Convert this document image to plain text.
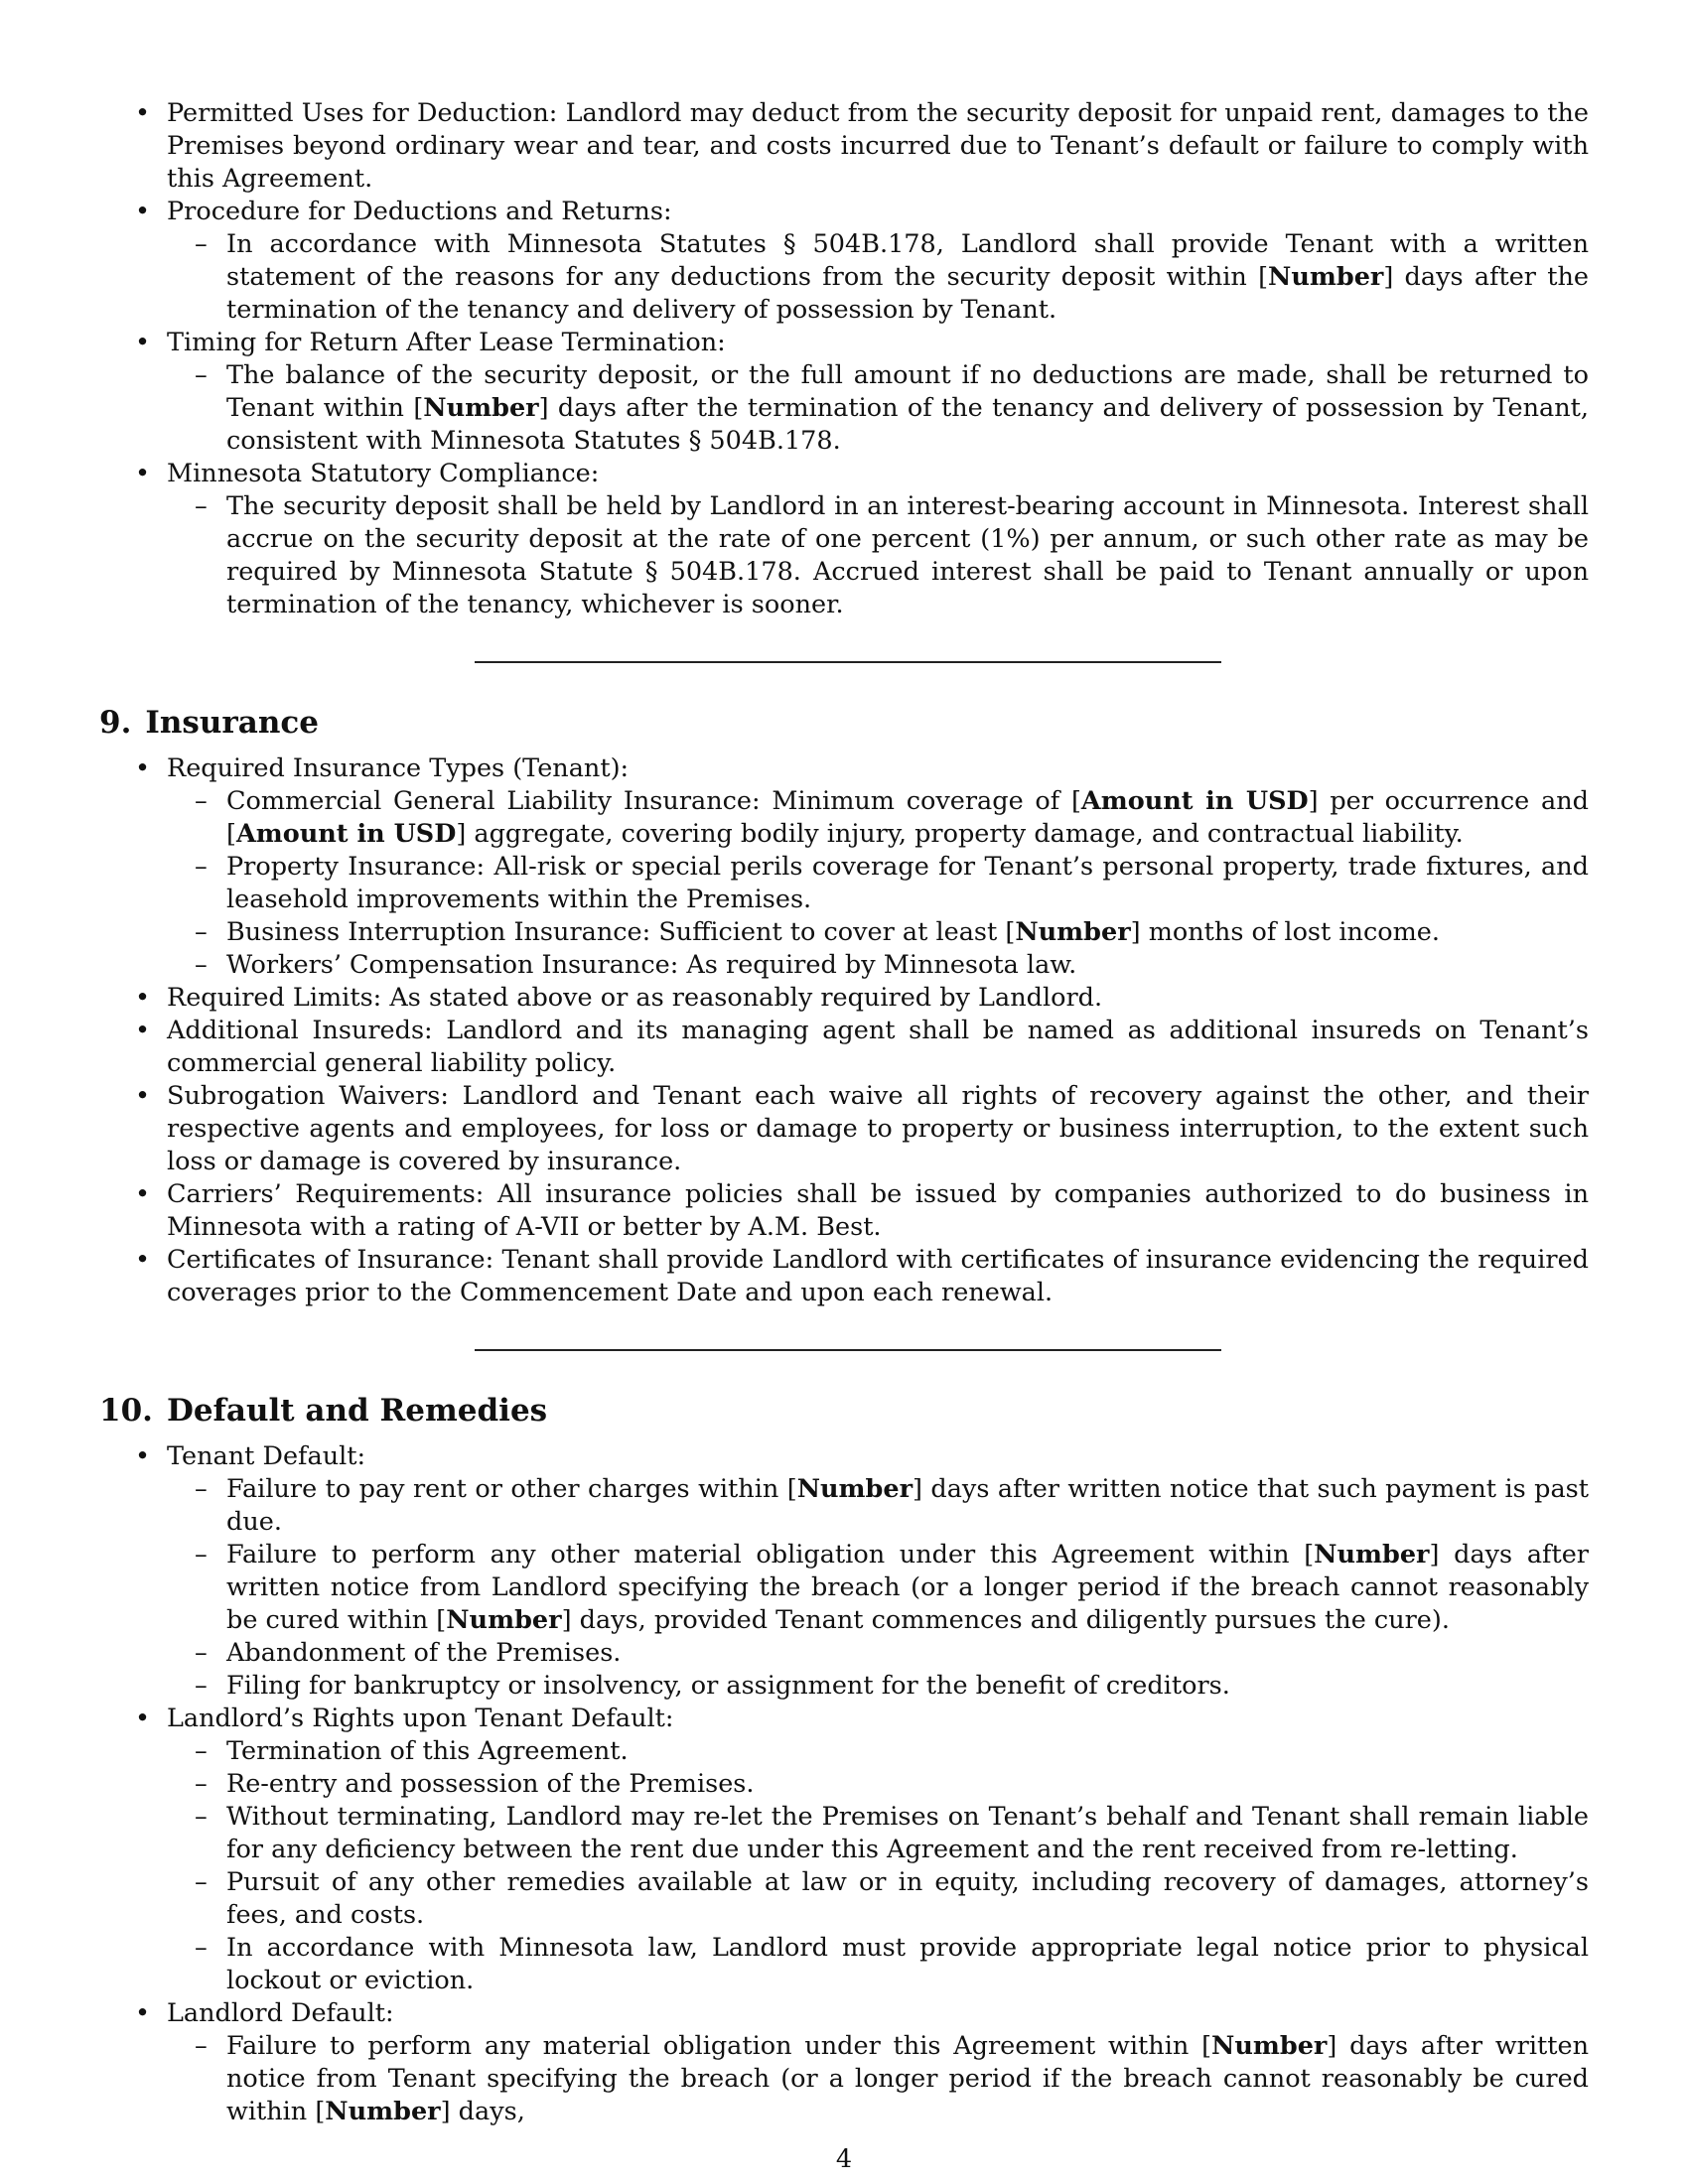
• Permitted Uses for Deduction: Landlord may deduct from the security deposit for unpaid rent, damages to the Premises beyond ordinary wear and tear, and costs incurred due to Tenant’s default or failure to comply with this Agreement.
• Procedure for Deductions and Returns:
– In accordance with Minnesota Statutes § 504B.178, Landlord shall provide Tenant with a written statement of the reasons for any deductions from the security deposit within [Number] days after the termination of the tenancy and delivery of possession by Tenant.
• Timing for Return After Lease Termination:
– The balance of the security deposit, or the full amount if no deductions are made, shall be returned to Tenant within [Number] days after the termination of the tenancy and delivery of possession by Tenant, consistent with Minnesota Statutes § 504B.178.
• Minnesota Statutory Compliance:
– The security deposit shall be held by Landlord in an interest-bearing account in Minnesota. Interest shall accrue on the security deposit at the rate of one percent (1%) per annum, or such other rate as may be required by Minnesota Statute § 504B.178. Accrued interest shall be paid to Tenant annually or upon termination of the tenancy, whichever is sooner.
9. Insurance
• Required Insurance Types (Tenant):
– Commercial General Liability Insurance: Minimum coverage of [Amount in USD] per occurrence and [Amount in USD] aggregate, covering bodily injury, property damage, and contractual liability.
– Property Insurance: All-risk or special perils coverage for Tenant’s personal property, trade fixtures, and leasehold improvements within the Premises.
– Business Interruption Insurance: Sufficient to cover at least [Number] months of lost income.
– Workers’ Compensation Insurance: As required by Minnesota law.
• Required Limits: As stated above or as reasonably required by Landlord.
• Additional Insureds: Landlord and its managing agent shall be named as additional insureds on Tenant’s commercial general liability policy.
• Subrogation Waivers: Landlord and Tenant each waive all rights of recovery against the other, and their respective agents and employees, for loss or damage to property or business interruption, to the extent such loss or damage is covered by insurance.
• Carriers’ Requirements: All insurance policies shall be issued by companies authorized to do business in Minnesota with a rating of A-VII or better by A.M. Best.
• Certificates of Insurance: Tenant shall provide Landlord with certificates of insurance evidencing the required coverages prior to the Commencement Date and upon each renewal.
10. Default and Remedies
• Tenant Default:
– Failure to pay rent or other charges within [Number] days after written notice that such payment is past due.
– Failure to perform any other material obligation under this Agreement within [Number] days after written notice from Landlord specifying the breach (or a longer period if the breach cannot reasonably be cured within [Number] days, provided Tenant commences and diligently pursues the cure).
– Abandonment of the Premises.
– Filing for bankruptcy or insolvency, or assignment for the benefit of creditors.
• Landlord’s Rights upon Tenant Default:
– Termination of this Agreement.
– Re-entry and possession of the Premises.
– Without terminating, Landlord may re-let the Premises on Tenant’s behalf and Tenant shall remain liable for any deficiency between the rent due under this Agreement and the rent received from re-letting.
– Pursuit of any other remedies available at law or in equity, including recovery of damages, attorney’s fees, and costs.
– In accordance with Minnesota law, Landlord must provide appropriate legal notice prior to physical lockout or eviction.
• Landlord Default:
– Failure to perform any material obligation under this Agreement within [Number] days after written notice from Tenant specifying the breach (or a longer period if the breach cannot reasonably be cured within [Number] days,
4
